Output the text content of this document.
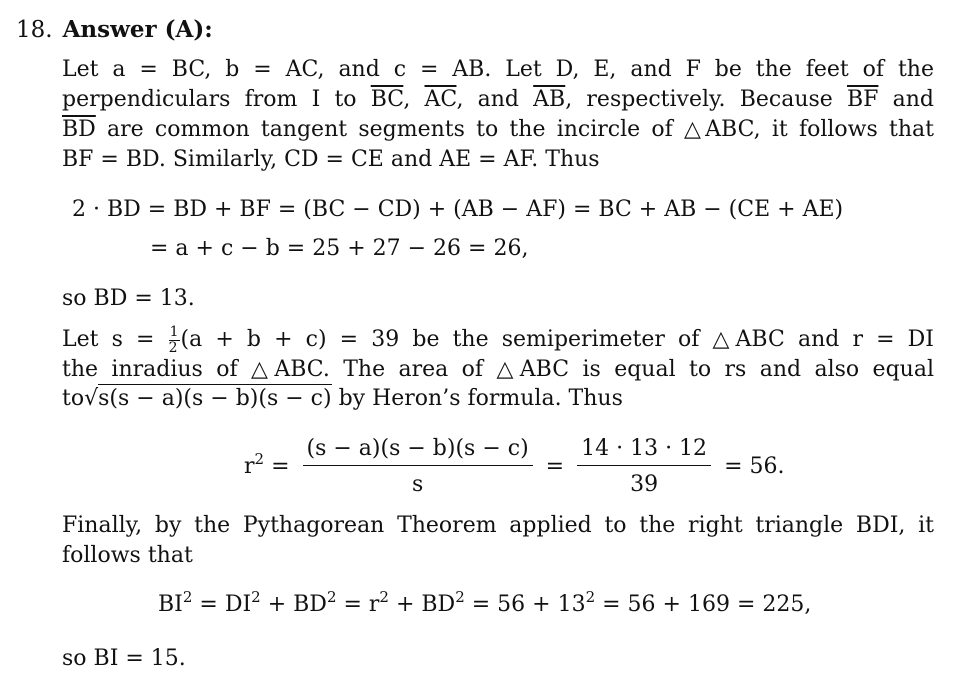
18. Answer (A):
Let a = BC, b = AC, and c = AB. Let D, E, and F be the feet of the
perpendiculars from I to $\overline{BC}$, $\overline{AC}$, and $\overline{AB}$, respectively. Because $\overline{BF}$ and
$\overline{BD}$ are common tangent segments to the incircle of △ABC, it follows that
BF = BD. Similarly, CD = CE and AE = AF. Thus
2 · BD = BD + BF = (BC − CD) + (AB − AF) = BC + AB − (CE + AE)
= a + c − b = 25 + 27 − 26 = 26,
so BD = 13.
Let $s = \frac{1}{2} (a + b + c) = 39$ be the semiperimeter of △ABC and r = DI
the inradius of △ABC. The area of △ABC is equal to rs and also equal
to√s(s − a)(s − b)(s − c) by Heron’s formula. Thus
$r^2 = \frac{(s - a)(s - b)(s - c)}{s} = \frac{14 \cdot 13 \cdot 12}{39} = 56$.
Finally, by the Pythagorean Theorem applied to the right triangle BDI, it
follows that
$BI^2 = DI^2 + BD^2 = r^2 + BD^2 = 56 + 13^2 = 56 + 169 = 225$,
so BI = 15.
